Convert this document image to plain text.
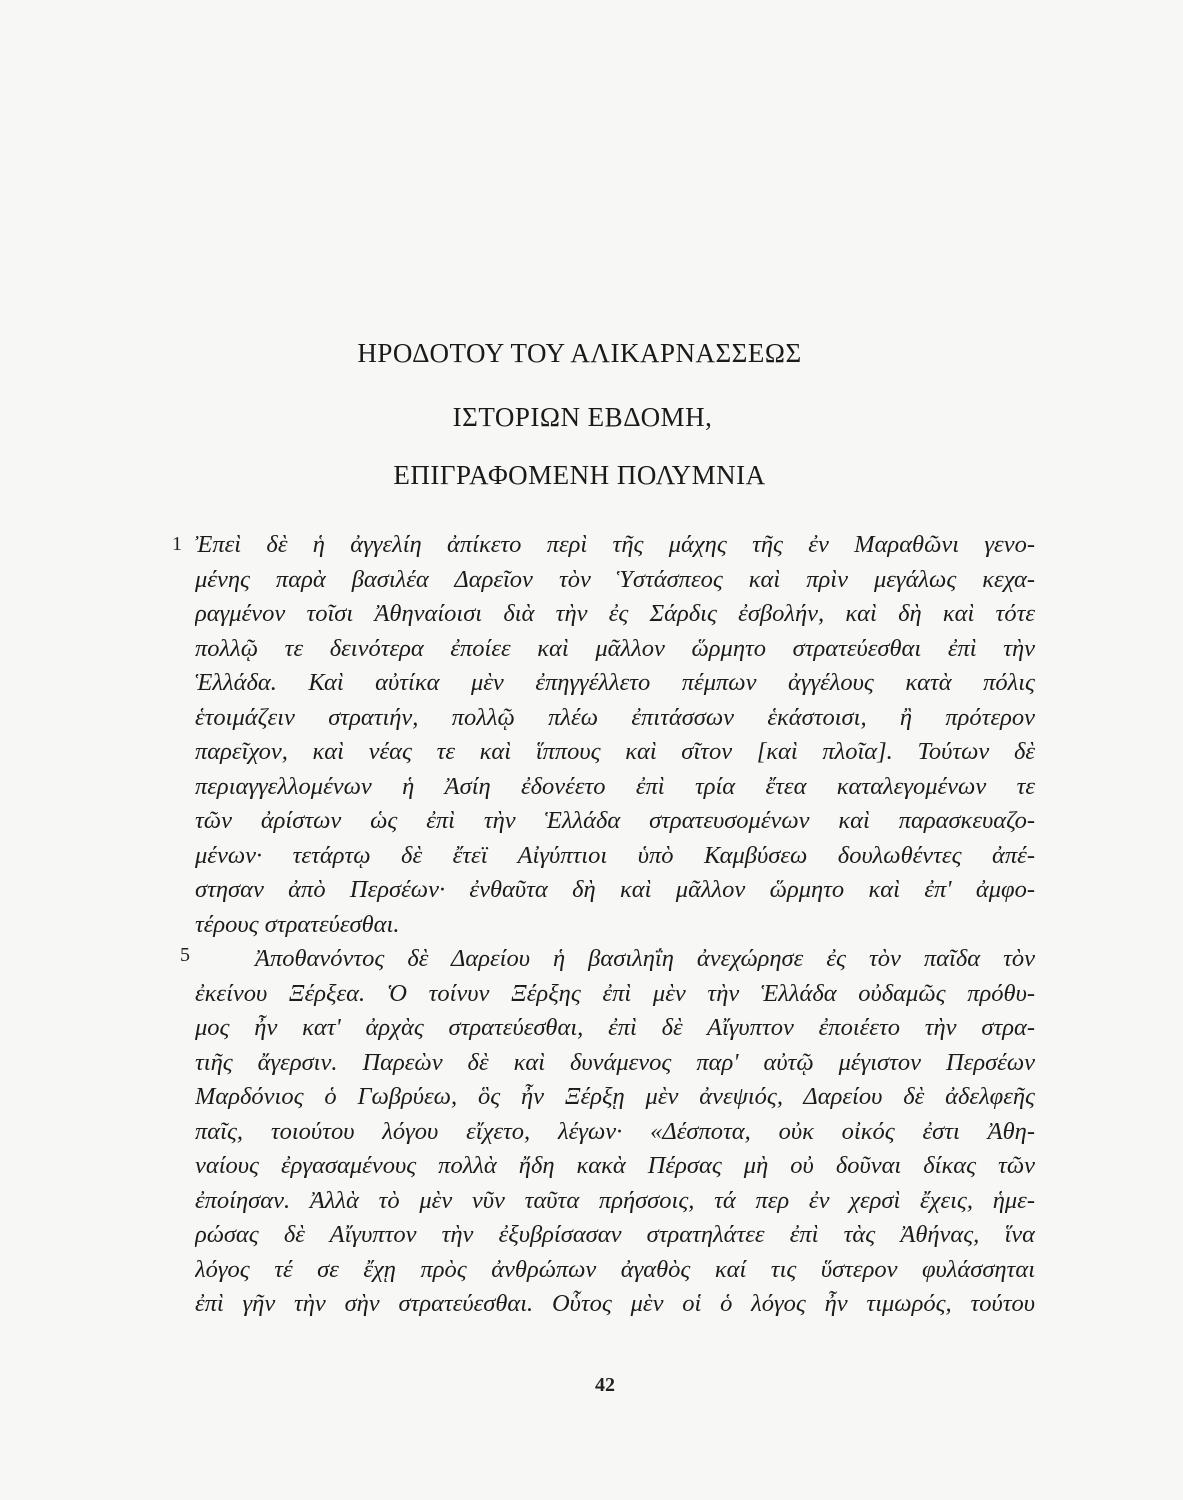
ΗΡΟΔΟΤΟΥ ΤΟΥ ΑΛΙΚΑΡΝΑΣΣΕΩΣ
ΙΣΤΟΡΙΩΝ ΕΒΔΟΜΗ,
ΕΠΙΓΡΑΦΟΜΕΝΗ ΠΟΛΥΜΝΙΑ
1
5
Ἐπεὶ δὲ ἡ ἀγγελίη ἀπίκετο περὶ τῆς μάχης τῆς ἐν Μαραθῶνι γενο-
μένης παρὰ βασιλέα Δαρεῖον τὸν Ὑστάσπεος καὶ πρὶν μεγάλως κεχα-
ραγμένον τοῖσι Ἀθηναίοισι διὰ τὴν ἐς Σάρδις ἐσβολήν, καὶ δὴ καὶ τότε
πολλῷ τε δεινότερα ἐποίεε καὶ μᾶλλον ὥρμητο στρατεύεσθαι ἐπὶ τὴν
Ἑλλάδα. Καὶ αὐτίκα μὲν ἐπηγγέλλετο πέμπων ἀγγέλους κατὰ πόλις
ἑτοιμάζειν στρατιήν, πολλῷ πλέω ἐπιτάσσων ἑκάστοισι, ἢ πρότερον
παρεῖχον, καὶ νέας τε καὶ ἵππους καὶ σῖτον [καὶ πλοῖα]. Τούτων δὲ
περιαγγελλομένων ἡ Ἀσίη ἐδονέετο ἐπὶ τρία ἔτεα καταλεγομένων τε
τῶν ἀρίστων ὡς ἐπὶ τὴν Ἑλλάδα στρατευσομένων καὶ παρασκευαζο-
μένων· τετάρτῳ δὲ ἔτεϊ Αἰγύπτιοι ὑπὸ Καμβύσεω δουλωθέντες ἀπέ-
στησαν ἀπὸ Περσέων· ἐνθαῦτα δὴ καὶ μᾶλλον ὥρμητο καὶ ἐπ' ἀμφο-
τέρους στρατεύεσθαι.
Ἀποθανόντος δὲ Δαρείου ἡ βασιληΐη ἀνεχώρησε ἐς τὸν παῖδα τὸν
ἐκείνου Ξέρξεα. Ὁ τοίνυν Ξέρξης ἐπὶ μὲν τὴν Ἑλλάδα οὐδαμῶς πρόθυ-
μος ἦν κατ' ἀρχὰς στρατεύεσθαι, ἐπὶ δὲ Αἴγυπτον ἐποιέετο τὴν στρα-
τιῆς ἄγερσιν. Παρεὼν δὲ καὶ δυνάμενος παρ' αὐτῷ μέγιστον Περσέων
Μαρδόνιος ὁ Γωβρύεω, ὃς ἦν Ξέρξῃ μὲν ἀνεψιός, Δαρείου δὲ ἀδελφεῆς
παῖς, τοιούτου λόγου εἴχετο, λέγων· «Δέσποτα, οὐκ οἰκός ἐστι Ἀθη-
ναίους ἐργασαμένους πολλὰ ἤδη κακὰ Πέρσας μὴ οὐ δοῦναι δίκας τῶν
ἐποίησαν. Ἀλλὰ τὸ μὲν νῦν ταῦτα πρήσσοις, τά περ ἐν χερσὶ ἔχεις, ἡμε-
ρώσας δὲ Αἴγυπτον τὴν ἐξυβρίσασαν στρατηλάτεε ἐπὶ τὰς Ἀθήνας, ἵνα
λόγος τέ σε ἔχῃ πρὸς ἀνθρώπων ἀγαθὸς καί τις ὕστερον φυλάσσηται
ἐπὶ γῆν τὴν σὴν στρατεύεσθαι. Οὗτος μὲν οἱ ὁ λόγος ἦν τιμωρός, τούτου
42
